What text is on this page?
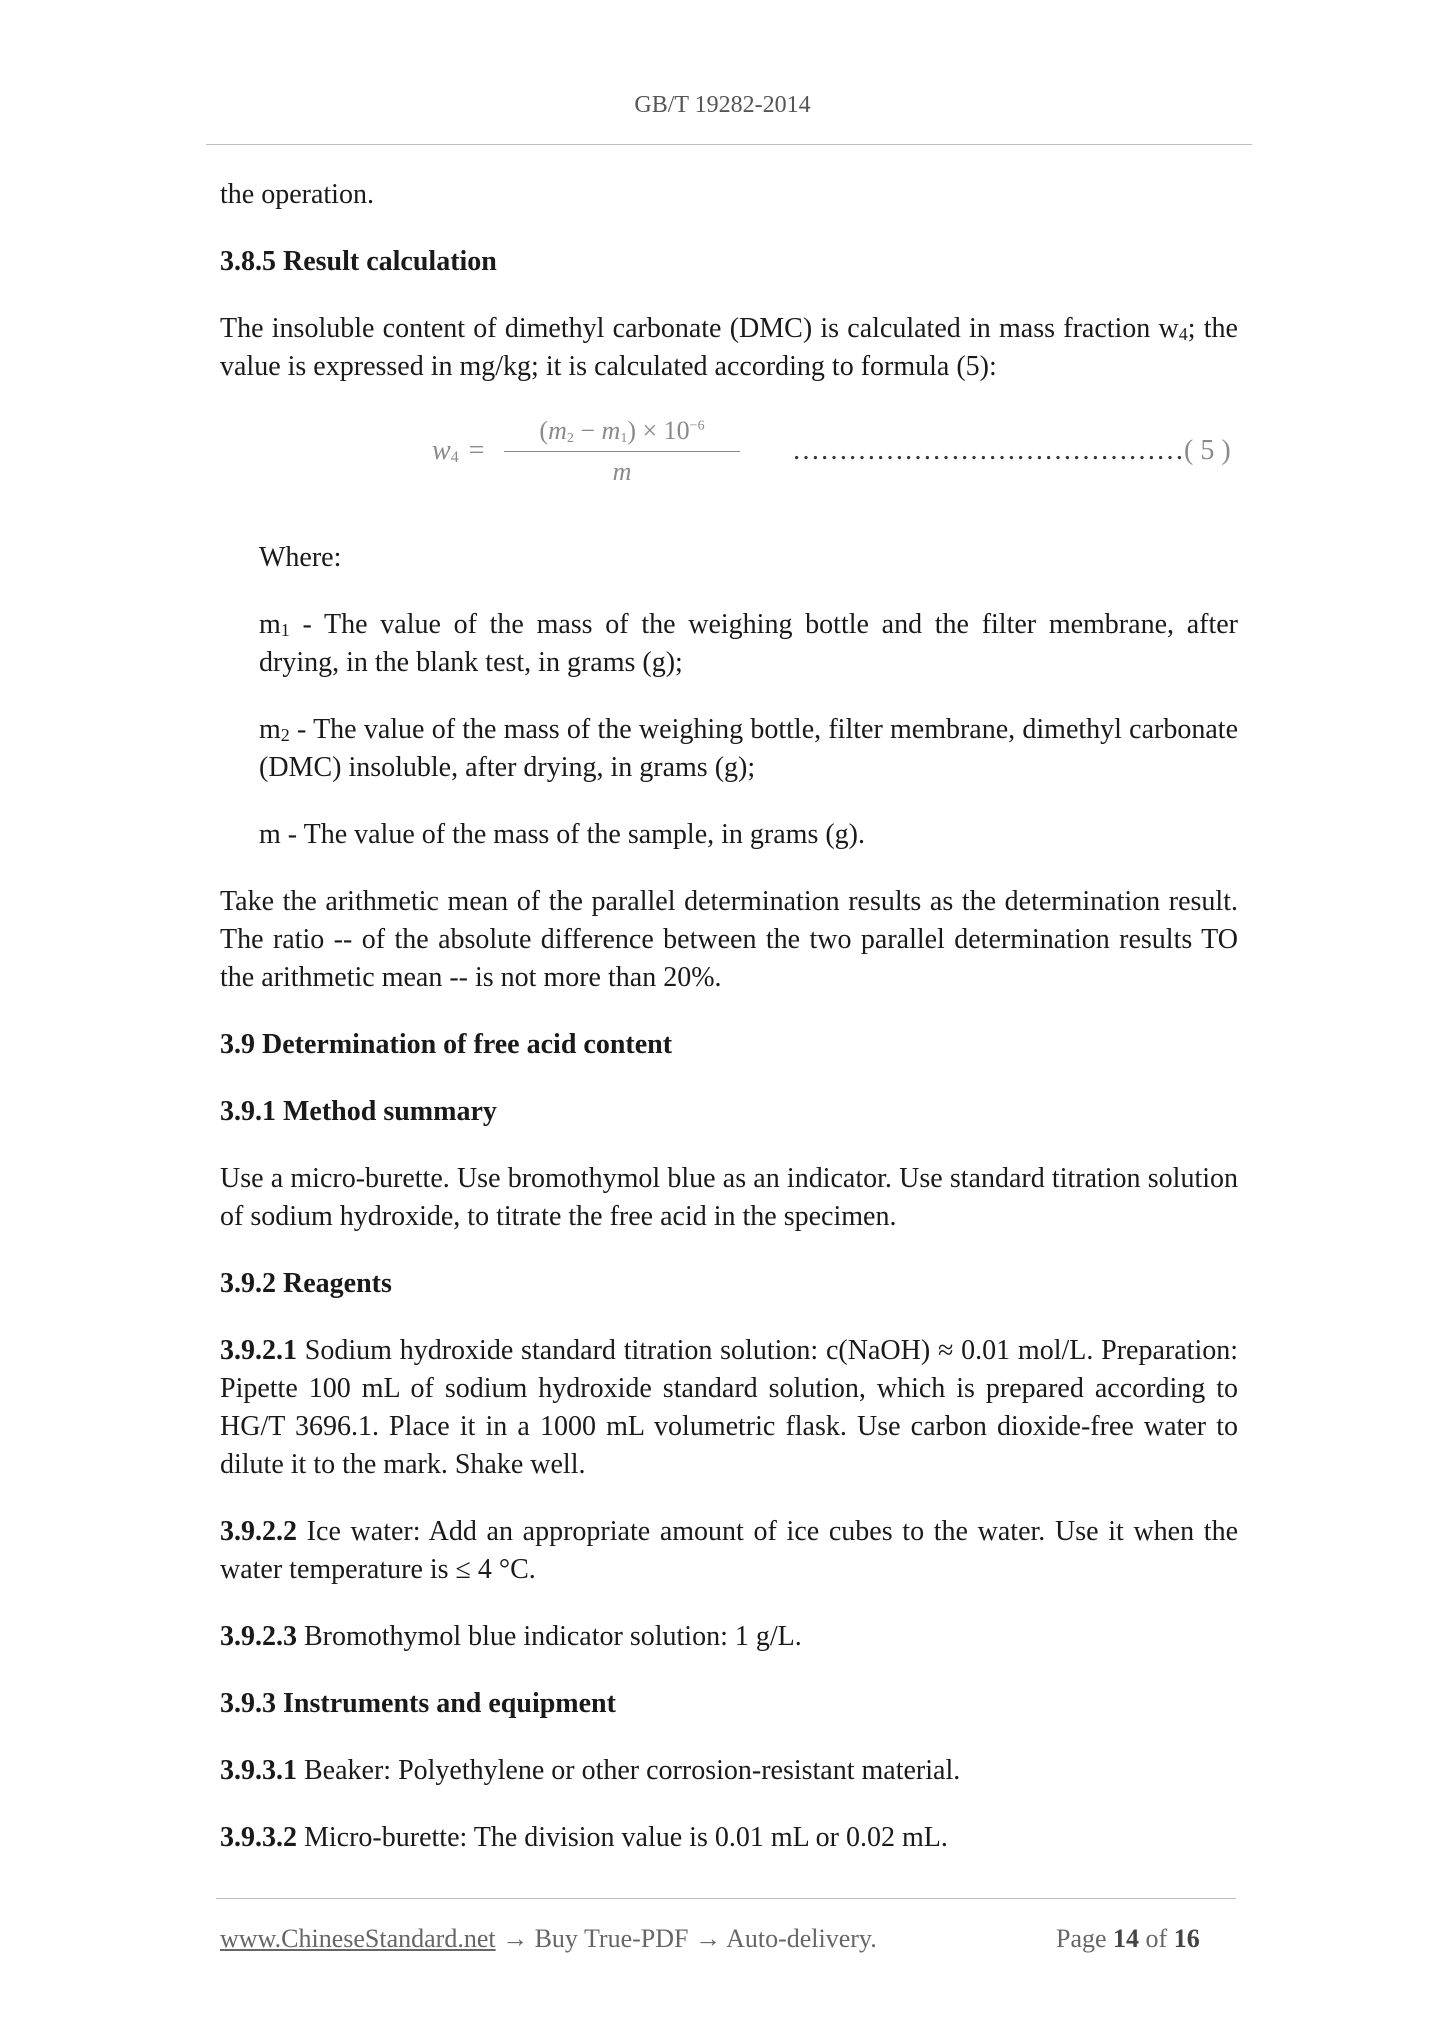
GB/T 19282-2014

the operation.

3.8.5 Result calculation

The insoluble content of dimethyl carbonate (DMC) is calculated in mass fraction $w_4$; the value is expressed in mg/kg; it is calculated according to formula (5):

$w_4$ =
$(m_2 - m_1) \times 10^{-6}$
m
……………………………………( 5 )

Where:

$m_1$ - The value of the mass of the weighing bottle and the filter membrane, after drying, in the blank test, in grams (g);

$m_2$ - The value of the mass of the weighing bottle, filter membrane, dimethyl carbonate (DMC) insoluble, after drying, in grams (g);

m - The value of the mass of the sample, in grams (g).

Take the arithmetic mean of the parallel determination results as the determination result. The ratio -- of the absolute difference between the two parallel determination results TO the arithmetic mean -- is not more than 20%.

3.9 Determination of free acid content

3.9.1 Method summary

Use a micro-burette. Use bromothymol blue as an indicator. Use standard titration solution of sodium hydroxide, to titrate the free acid in the specimen.

3.9.2 Reagents

3.9.2.1 Sodium hydroxide standard titration solution: c(NaOH) ≈ 0.01 mol/L. Preparation: Pipette 100 mL of sodium hydroxide standard solution, which is prepared according to HG/T 3696.1. Place it in a 1000 mL volumetric flask. Use carbon dioxide-free water to dilute it to the mark. Shake well.

3.9.2.2 Ice water: Add an appropriate amount of ice cubes to the water. Use it when the water temperature is ≤ 4 °C.

3.9.2.3 Bromothymol blue indicator solution: 1 g/L.

3.9.3 Instruments and equipment

3.9.3.1 Beaker: Polyethylene or other corrosion-resistant material.

3.9.3.2 Micro-burette: The division value is 0.01 mL or 0.02 mL.

www.ChineseStandard.net → Buy True-PDF → Auto-delivery.	Page 14 of 16
